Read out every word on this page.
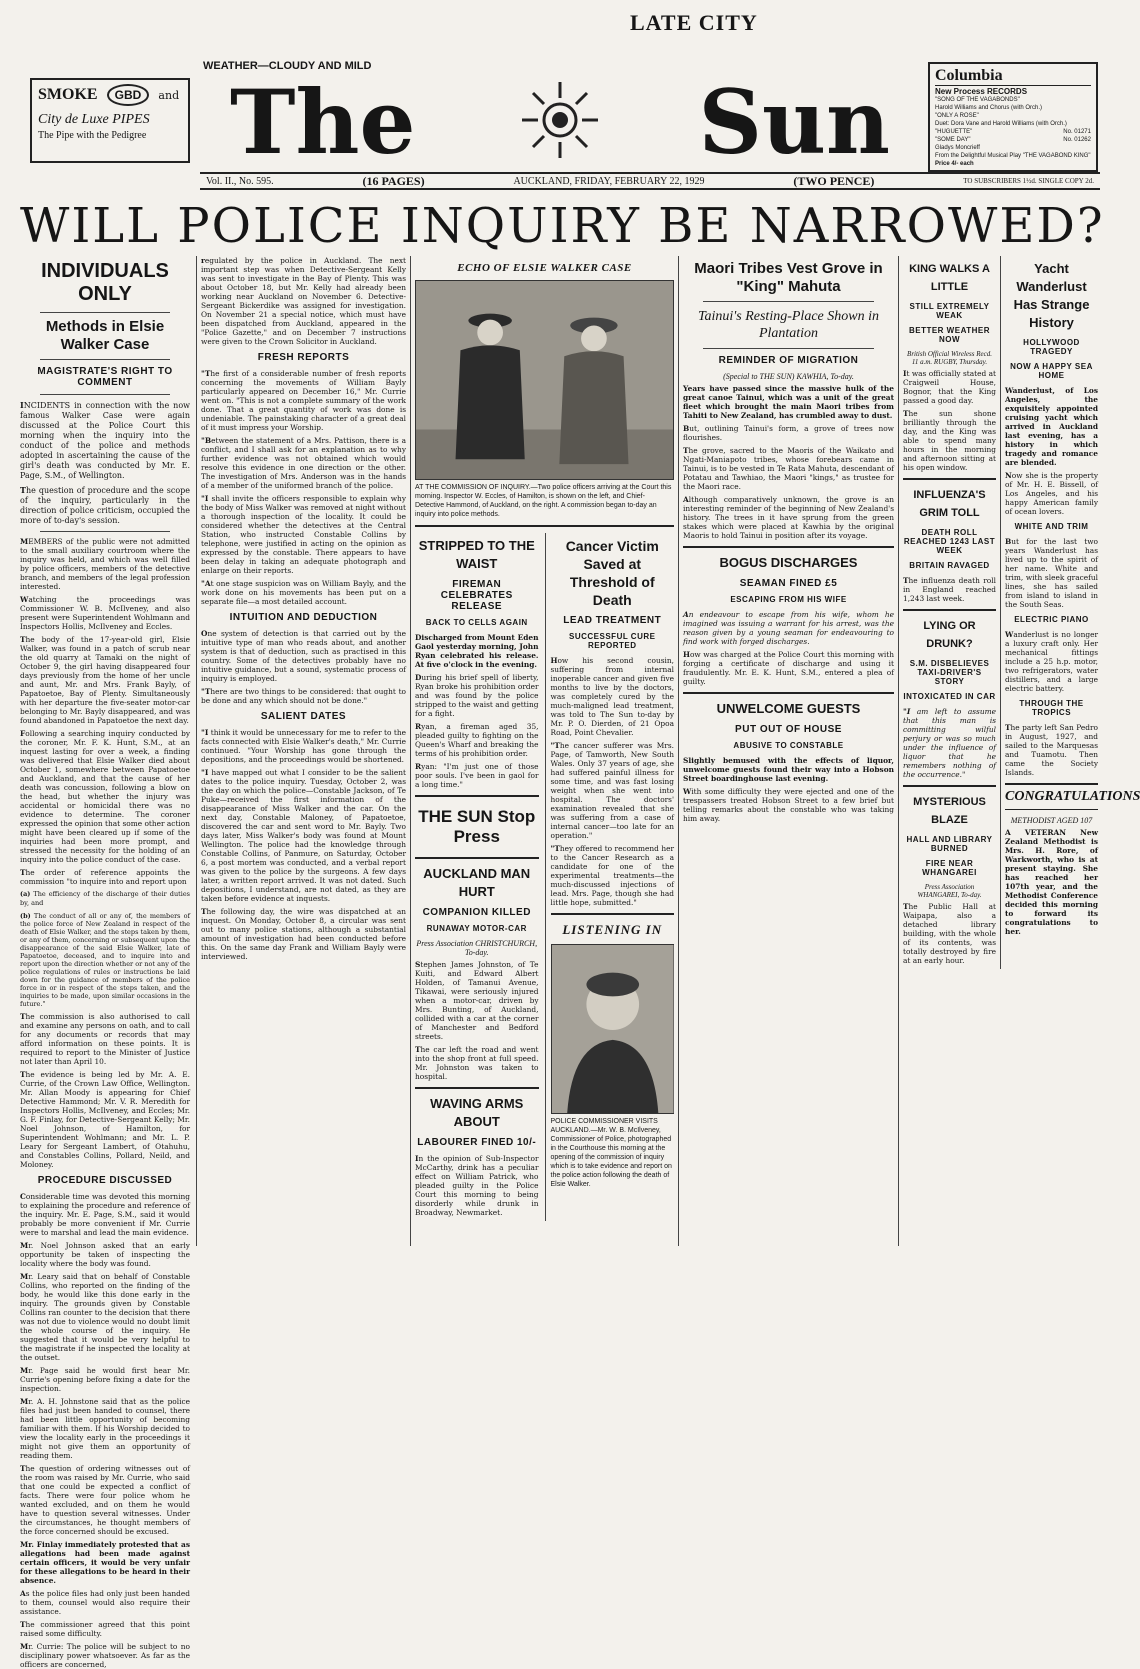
LATE CITY
WEATHER—CLOUDY AND MILD
SMOKE GBD and
City de Luxe PIPES
The Pipe with the Pedigree The	Sun	Columbia
New Process RECORDS
"SONG OF THE VAGABONDS"
Harold Williams and Chorus (with Orch.)
"ONLY A ROSE"
Duet: Dora Vane and Harold Williams (with Orch.)
"HUGUETTE"	No. 01271
"SOME DAY"	No. 01262
Gladys Moncrieff
From the Delightful Musical Play "THE VAGABOND KING"
Price 4/- each
Vol. II., No. 595.	(16 PAGES)	AUCKLAND, FRIDAY, FEBRUARY 22, 1929	(TWO PENCE)	TO SUBSCRIBERS 1½d. SINGLE COPY 2d.
WILL POLICE INQUIRY BE NARROWED?
INDIVIDUALS ONLY
Methods in Elsie Walker Case
MAGISTRATE'S RIGHT TO COMMENT

INCIDENTS in connection with the now famous Walker Case were again discussed at the Police Court this morning when the inquiry into the conduct of the police and methods adopted in ascertaining the cause of the girl's death was conducted by Mr. E. Page, S.M., of Wellington.

The question of procedure and the scope of the inquiry, particularly in the direction of police criticism, occupied the more of to-day's session.

MEMBERS of the public were not admitted to the small auxiliary courtroom where the inquiry was held, and which was well filled by police officers, members of the detective branch, and members of the legal profession interested.

Watching the proceedings was Commissioner W. B. McIlveney, and also present were Superintendent Wohlmann and Inspectors Hollis, McIlveney and Eccles.

The body of the 17-year-old girl, Elsie Walker, was found in a patch of scrub near the old quarry at Tamaki on the night of October 9, the girl having disappeared four days previously from the home of her uncle and aunt, Mr. and Mrs. Frank Bayly, of Papatoetoe, Bay of Plenty. Simultaneously with her departure the five-seater motor-car belonging to Mr. Bayly disappeared, and was found abandoned in Papatoetoe the next day.

Following a searching inquiry conducted by the coroner, Mr. F. K. Hunt, S.M., at an inquest lasting for over a week, a finding was delivered that Elsie Walker died about October 1, somewhere between Papatoetoe and Auckland, and that the cause of her death was concussion, following a blow on the head, but whether the injury was accidental or homicidal there was no evidence to determine. The coroner expressed the opinion that some other action might have been cleared up if some of the inquiries had been more prompt, and stressed the necessity for the holding of an inquiry into the police conduct of the case.

The order of reference appoints the commission "to inquire into and report upon

(a) The efficiency of the discharge of their duties by, and

(b) The conduct of all or any of, the members of the police force of New Zealand in respect of the death of Elsie Walker, and the steps taken by them, or any of them, concerning or subsequent upon the disappearance of the said Elsie Walker, late of Papatoetoe, deceased, and to inquire into and report upon the direction whether or not any of the police regulations of rules or instructions be laid down for the guidance of members of the police force in or in respect of the steps taken, and the inquiries to be made, upon similar occasions in the future."

The commission is also authorised to call and examine any persons on oath, and to call for any documents or records that may afford information on these points. It is required to report to the Minister of Justice not later than April 10.

The evidence is being led by Mr. A. E. Currie, of the Crown Law Office, Wellington. Mr. Allan Moody is appearing for Chief Detective Hammond; Mr. V. R. Meredith for Inspectors Hollis, McIlveney, and Eccles; Mr. G. F. Finlay, for Detective-Sergeant Kelly; Mr. Noel Johnson, of Hamilton, for Superintendent Wohlmann; and Mr. L. P. Leary for Sergeant Lambert, of Otahuhu, and Constables Collins, Pollard, Neild, and Moloney.

PROCEDURE DISCUSSED

Considerable time was devoted this morning to explaining the procedure and reference of the inquiry. Mr. E. Page, S.M., said it would probably be more convenient if Mr. Currie were to marshal and lead the main evidence.

Mr. Noel Johnson asked that an early opportunity be taken of inspecting the locality where the body was found.

Mr. Leary said that on behalf of Constable Collins, who reported on the finding of the body, he would like this done early in the inquiry. The grounds given by Constable Collins ran counter to the decision that there was not due to violence would no doubt limit the whole course of the inquiry. He suggested that it would be very helpful to the magistrate if he inspected the locality at the outset.

Mr. Page said he would first hear Mr. Currie's opening before fixing a date for the inspection.

Mr. A. H. Johnstone said that as the police files had just been handed to counsel, there had been little opportunity of becoming familiar with them. If his Worship decided to view the locality early in the proceedings it might not give them an opportunity of reading them.

The question of ordering witnesses out of the room was raised by Mr. Currie, who said that one could be expected a conflict of facts. There were four police whom he wanted excluded, and on them he would have to question several witnesses. Under the circumstances, he thought members of the force concerned should be excused.

Mr. Finlay immediately protested that as allegations had been made against certain officers, it would be very unfair for these allegations to be heard in their absence.

As the police files had only just been handed to them, counsel would also require their assistance.

The commissioner agreed that this point raised some difficulty.

Mr. Currie: The police will be subject to no disciplinary power whatsoever. As far as the officers are concerned,

regulated by the police in Auckland. The next important step was when Detective-Sergeant Kelly was sent to investigate in the Bay of Plenty. This was about October 18, but Mr. Kelly had already been working near Auckland on November 6. Detective-Sergeant Bickerdike was assigned for investigation. On November 21 a special notice, which must have been dispatched from Auckland, appeared in the "Police Gazette," and on December 7 instructions were given to the Crown Solicitor in Auckland.

FRESH REPORTS

"The first of a considerable number of fresh reports concerning the movements of William Bayly particularly appeared on December 16," Mr. Currie went on. "This is not a complete summary of the work done. That a great quantity of work was done is undeniable. The painstaking character of a great deal of it must impress your Worship.

"Between the statement of a Mrs. Pattison, there is a conflict, and I shall ask for an explanation as to why further evidence was not obtained which would resolve this evidence in one direction or the other. The investigation of Mrs. Anderson was in the hands of a member of the uniformed branch of the police.

"I shall invite the officers responsible to explain why the body of Miss Walker was removed at night without a thorough inspection of the locality. It could be considered whether the detectives at the Central Station, who instructed Constable Collins by telephone, were justified in acting on the opinion as expressed by the constable. There appears to have been delay in taking an adequate photograph and enlarge on their reports.

"At one stage suspicion was on William Bayly, and the work done on his movements has been put on a separate file—a most detailed account.

INTUITION AND DEDUCTION

One system of detection is that carried out by the intuitive type of man who reads about, and another system is that of deduction, such as practised in this country. Some of the detectives probably have no intuitive guidance, but a sound, systematic process of inquiry is employed.

"There are two things to be considered: that ought to be done and any which should not be done."

SALIENT DATES

"I think it would be unnecessary for me to refer to the facts connected with Elsie Walker's death," Mr. Currie continued. "Your Worship has gone through the depositions, and the proceedings would be shortened.

"I have mapped out what I consider to be the salient dates to the police inquiry. Tuesday, October 2, was the day on which the police—Constable Jackson, of Te Puke—received the first information of the disappearance of Miss Walker and the car. On the next day, Constable Maloney, of Papatoetoe, discovered the car and sent word to Mr. Bayly. Two days later, Miss Walker's body was found at Mount Wellington. The police had the knowledge through Constable Collins, of Panmure, on Saturday, October 6, a post mortem was conducted, and a verbal report was given to the police by the surgeons. A few days later, a written report arrived. It was not dated. Such depositions, I understand, are not dated, as they are taken before evidence at inquests.

The following day, the wire was dispatched at an inquest. On Monday, October 8, a circular was sent out to many police stations, although a substantial amount of investigation had been conducted before this. On the same day Frank and William Bayly were interviewed.

ECHO OF ELSIE WALKER CASE
AT THE COMMISSION OF INQUIRY.—Two police officers arriving at the Court this morning. Inspector W. Eccles, of Hamilton, is shown on the left, and Chief-Detective Hammond, of Auckland, on the right. A commission began to-day an inquiry into police methods.
STRIPPED TO THE WAIST
FIREMAN CELEBRATES RELEASE
BACK TO CELLS AGAIN

Discharged from Mount Eden Gaol yesterday morning, John Ryan celebrated his release. At five o'clock in the evening.

During his brief spell of liberty, Ryan broke his prohibition order and was found by the police stripped to the waist and getting for a fight.

Ryan, a fireman aged 35, pleaded guilty to fighting on the Queen's Wharf and breaking the terms of his prohibition order.

Ryan: "I'm just one of those poor souls. I've been in gaol for a long time."

THE SUN Stop Press
AUCKLAND MAN HURT
COMPANION KILLED
RUNAWAY MOTOR-CAR
Press Association CHRISTCHURCH, To-day.

Stephen James Johnston, of Te Kuiti, and Edward Albert Holden, of Tamanui Avenue, Tikawai, were seriously injured when a motor-car, driven by Mrs. Bunting, of Auckland, collided with a car at the corner of Manchester and Bedford streets.

The car left the road and went into the shop front at full speed. Mr. Johnston was taken to hospital.

WAVING ARMS ABOUT
LABOURER FINED 10/-

In the opinion of Sub-Inspector McCarthy, drink has a peculiar effect on William Patrick, who pleaded guilty in the Police Court this morning to being disorderly while drunk in Broadway, Newmarket.

Cancer Victim Saved at Threshold of Death
LEAD TREATMENT
SUCCESSFUL CURE REPORTED

How his second cousin, suffering from internal inoperable cancer and given five months to live by the doctors, was completely cured by the much-maligned lead treatment, was told to The Sun to-day by Mr. P. O. Dierden, of 21 Opoa Road, Point Chevalier.

"The cancer sufferer was Mrs. Page, of Tamworth, New South Wales. Only 37 years of age, she had suffered painful illness for some time, and was fast losing weight when she went into hospital. The doctors' examination revealed that she was suffering from a case of internal cancer—too late for an operation."

"They offered to recommend her to the Cancer Research as a candidate for one of the experimental treatments—the much-discussed injections of lead. Mrs. Page, though she had little hope, submitted."

LISTENING IN
POLICE COMMISSIONER VISITS AUCKLAND.—Mr. W. B. McIlveney, Commissioner of Police, photographed in the Courthouse this morning at the opening of the commission of inquiry which is to take evidence and report on the police action following the death of Elsie Walker.
Maori Tribes Vest Grove in "King" Mahuta
Tainui's Resting-Place Shown in Plantation
REMINDER OF MIGRATION
(Special to THE SUN) KAWHIA, To-day.

Years have passed since the massive hulk of the great canoe Tainui, which was a unit of the great fleet which brought the main Maori tribes from Tahiti to New Zealand, has crumbled away to dust.

But, outlining Tainui's form, a grove of trees now flourishes.

The grove, sacred to the Maoris of the Waikato and Ngati-Maniapoto tribes, whose forebears came in Tainui, is to be vested in Te Rata Mahuta, descendant of Potatau and Tawhiao, the Maori "kings," as trustee for the Maori race.

Although comparatively unknown, the grove is an interesting reminder of the beginning of New Zealand's history. The trees in it have sprung from the green stakes which were placed at Kawhia by the original Maoris to hold Tainui in position after its voyage.

BOGUS DISCHARGES
SEAMAN FINED £5
ESCAPING FROM HIS WIFE

An endeavour to escape from his wife, whom he imagined was issuing a warrant for his arrest, was the reason given by a young seaman for endeavouring to find work with forged discharges.

How was charged at the Police Court this morning with forging a certificate of discharge and using it fraudulently. Mr. E. K. Hunt, S.M., entered a plea of guilty.

UNWELCOME GUESTS
PUT OUT OF HOUSE
ABUSIVE TO CONSTABLE

Slightly bemused with the effects of liquor, unwelcome guests found their way into a Hobson Street boardinghouse last evening.

With some difficulty they were ejected and one of the trespassers treated Hobson Street to a few brief but telling remarks about the constable who was taking him away.

KING WALKS A LITTLE
STILL EXTREMELY WEAK
BETTER WEATHER NOW
British Official Wireless Recd. 11 a.m. RUGBY, Thursday.

It was officially stated at Craigweil House, Bognor, that the King passed a good day.

The sun shone brilliantly through the day, and the King was able to spend many hours in the morning and afternoon sitting at his open window.

INFLUENZA'S GRIM TOLL
DEATH ROLL REACHED 1243 LAST WEEK
BRITAIN RAVAGED

The influenza death roll in England reached 1,243 last week.

LYING OR DRUNK?
S.M. DISBELIEVES TAXI-DRIVER'S STORY
INTOXICATED IN CAR

"I am left to assume that this man is committing wilful perjury or was so much under the influence of liquor that he remembers nothing of the occurrence."

MYSTERIOUS BLAZE
HALL AND LIBRARY BURNED
FIRE NEAR WHANGAREI
Press Association WHANGAREI, To-day.

The Public Hall at Waipapa, also a detached library building, with the whole of its contents, was totally destroyed by fire at an early hour.

Yacht Wanderlust Has Strange History
HOLLYWOOD TRAGEDY
NOW A HAPPY SEA HOME

Wanderlust, of Los Angeles, the exquisitely appointed cruising yacht which arrived in Auckland last evening, has a history in which tragedy and romance are blended.

Now she is the property of Mr. H. E. Bissell, of Los Angeles, and his happy American family of ocean lovers.

WHITE AND TRIM

But for the last two years Wanderlust has lived up to the spirit of her name. White and trim, with sleek graceful lines, she has sailed from island to island in the South Seas.

ELECTRIC PIANO

Wanderlust is no longer a luxury craft only. Her mechanical fittings include a 25 h.p. motor, two refrigerators, water distillers, and a large electric battery.

THROUGH THE TROPICS

The party left San Pedro in August, 1927, and sailed to the Marquesas and Tuamotu. Then came the Society Islands.

CONGRATULATIONS
METHODIST AGED 107

A VETERAN New Zealand Methodist is Mrs. H. Rore, of Warkworth, who is at present staying. She has reached her 107th year, and the Methodist Conference decided this morning to forward its congratulations to her.
